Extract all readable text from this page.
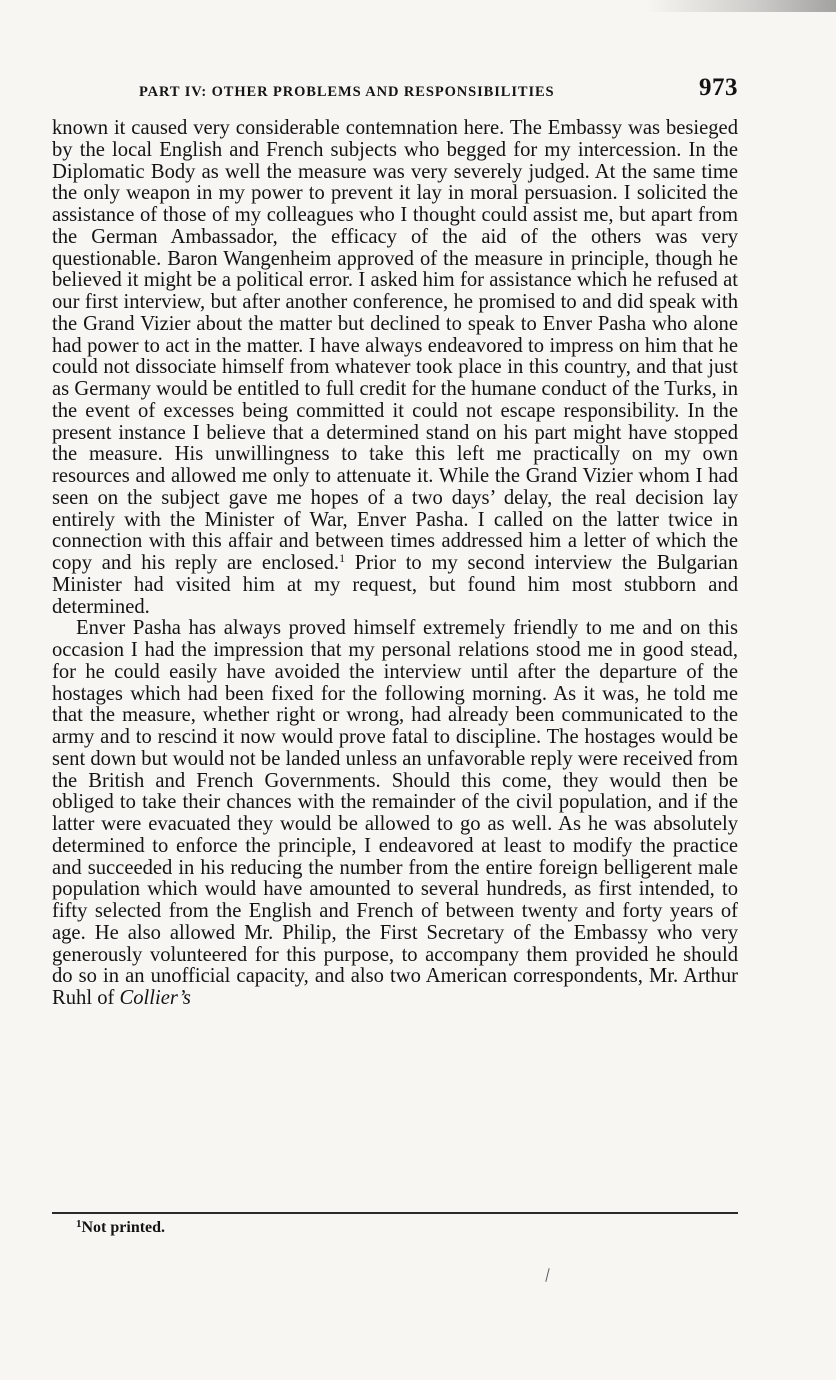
PART IV: OTHER PROBLEMS AND RESPONSIBILITIES	973

known it caused very considerable contemnation here. The Embassy was besieged by the local English and French subjects who begged for my intercession. In the Diplomatic Body as well the measure was very severely judged. At the same time the only weapon in my power to prevent it lay in moral persuasion. I solicited the assistance of those of my colleagues who I thought could assist me, but apart from the German Ambassador, the efficacy of the aid of the others was very questionable. Baron Wangenheim approved of the measure in principle, though he believed it might be a political error. I asked him for assistance which he refused at our first interview, but after another conference, he promised to and did speak with the Grand Vizier about the matter but declined to speak to Enver Pasha who alone had power to act in the matter. I have always endeavored to impress on him that he could not dissociate himself from whatever took place in this country, and that just as Germany would be entitled to full credit for the humane conduct of the Turks, in the event of excesses being committed it could not escape responsibility. In the present instance I believe that a determined stand on his part might have stopped the measure. His unwillingness to take this left me practically on my own resources and allowed me only to attenuate it. While the Grand Vizier whom I had seen on the subject gave me hopes of a two days’ delay, the real decision lay entirely with the Minister of War, Enver Pasha. I called on the latter twice in connection with this affair and between times addressed him a letter of which the copy and his reply are enclosed.$^1$ Prior to my second interview the Bulgarian Minister had visited him at my request, but found him most stubborn and determined.

Enver Pasha has always proved himself extremely friendly to me and on this occasion I had the impression that my personal relations stood me in good stead, for he could easily have avoided the interview until after the departure of the hostages which had been fixed for the following morning. As it was, he told me that the measure, whether right or wrong, had already been communicated to the army and to rescind it now would prove fatal to discipline. The hostages would be sent down but would not be landed unless an unfavorable reply were received from the British and French Governments. Should this come, they would then be obliged to take their chances with the remainder of the civil population, and if the latter were evacuated they would be allowed to go as well. As he was absolutely determined to enforce the principle, I endeavored at least to modify the practice and succeeded in his reducing the number from the entire foreign belligerent male population which would have amounted to several hundreds, as first intended, to fifty selected from the English and French of between twenty and forty years of age. He also allowed Mr. Philip, the First Secretary of the Embassy who very generously volunteered for this purpose, to accompany them provided he should do so in an unofficial capacity, and also two American correspondents, Mr. Arthur Ruhl of Collier’s

$^1$Not printed.
